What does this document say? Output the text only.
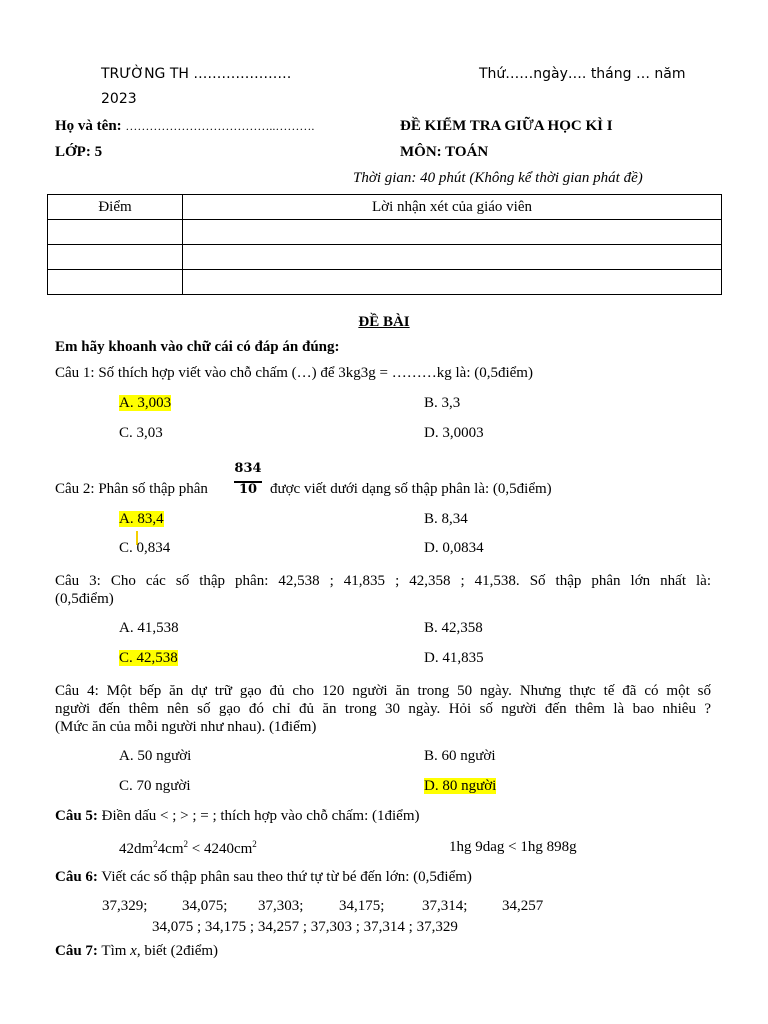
TRƯỜNG TH …………………	Thứ……ngày…. tháng … năm
2023
Họ và tên: ………………………………..……….	ĐỀ KIỂM TRA GIỮA HỌC KÌ I
LỚP: 5	MÔN: TOÁN
Thời gian: 40 phút (Không kể thời gian phát đề)
Điểm	Lời nhận xét của giáo viên

ĐỀ BÀI
Em hãy khoanh vào chữ cái có đáp án đúng:
Câu 1: Số thích hợp viết vào chỗ chấm (…) để 3kg3g = ………kg là: (0,5điểm)
A. 3,003	B. 3,3
C. 3,03	D. 3,0003
Câu 2: Phân số thập phân
834
10 được viết dưới dạng số thập phân là: (0,5điểm)
A. 83,4	B. 8,34
C. 0,834	D. 0,0834
Câu 3: Cho các số thập phân: 42,538 ; 41,835 ; 42,358 ; 41,538. Số thập phân lớn nhất là:
(0,5điểm)
A. 41,538	B. 42,358
C. 42,538	D. 41,835
Câu 4: Một bếp ăn dự trữ gạo đủ cho 120 người ăn trong 50 ngày. Nhưng thực tế đã có một số
người đến thêm nên số gạo đó chỉ đủ ăn trong 30 ngày. Hỏi số người đến thêm là bao nhiêu ?
(Mức ăn của mỗi người như nhau). (1điểm)
A. 50 người	B. 60 người
C. 70 người	D. 80 người
Câu 5: Điền dấu < ; > ; = ; thích hợp vào chỗ chấm: (1điểm)
$42dm^24cm^2 < 4240cm^2$	1hg 9dag < 1hg 898g
Câu 6: Viết các số thập phân sau theo thứ tự từ bé đến lớn: (0,5điểm)
37,329; 34,075; 37,303; 34,175;	37,314; 34,257
34,075 ; 34,175 ; 34,257 ; 37,303 ; 37,314 ; 37,329
Câu 7: Tìm x, biết (2điểm)
